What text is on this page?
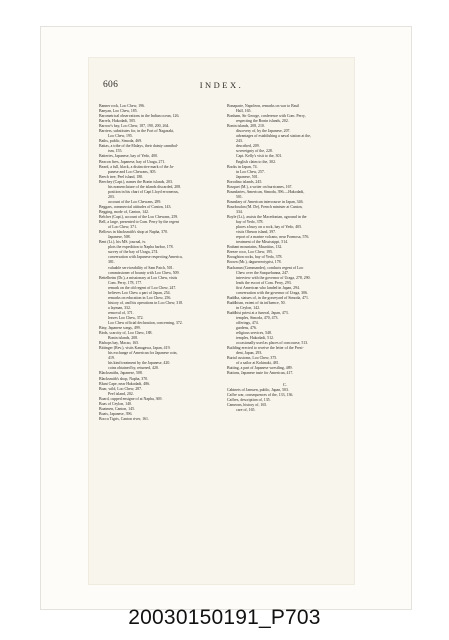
606	INDEX.
Banner rock, Loo Chew, 196.
Banyan, Loo Chew, 185.
Barometrical observations in the Indian ocean, 126.
Barrels, Hakodadi, 505.
Barrow's bay, Loo Chew, 187, 190, 200, 264.
Barriers, substitutes for, in the Fort of Nagasaki,
Loo Chew, 195.
Baths, public, Simoda, 469.
Battas, a tribe of the Malays, their dainty cannibal-
ism, 155.
Batteries, Japanese, bay of Yedo, 400.
Beacon fires, Japanese, bay of Uraga, 271.
Beard, a full, black, a distinctive mark of the Ja-
panese and Loo Chewans, 305.
Beech tree, Peel island, 180.
Beechey (Capt.), names the Bonin islands, 203.
his nomenclature of the islands discarded, 208.
position in his chart of Capt Lloyd erroneous,
203.
account of the Loo Chewans, 289.
Beggars, commercial attitudes of Canton, 143.
Begging, mode of, Canton, 142.
Belcher (Capt.), account of the Loo Chewans, 259.
Bell, a large, presented to Com. Perry by the regent
of Loo Chew, 371.
Bellows in blacksmith's shop at Napha, 370.
Japanese, 508.
Bent (Lt.), his MS. journal, iv.
plots the expedition to Napha harbor, 178.
survey of the bay of Uraga, 274.
conversation with Japanese respecting America,
381.
valuable serviceability of Sam Patch, 501.
commissioner of bounty with Loo Chew, 509.
Bettelheim (Dr.), a missionary at Loo Chew, visits
Com. Perry, 178, 177.
remark on the old regent of Loo Chew, 247.
believes Loo Chew a part of Japan, 254.
remarks on education in Loo Chew, 256.
history of, and his operations in Loo Chew, 318.
a layman, 332.
removal of, 371.
leaves Loo Chew, 372.
Loo Chew official declaration, concerning, 372.
Biny, Japanese songs, 499.
Birds, scarcity of, Loo Chew, 188.
Bonin islands, 208.
Bishops bay, Macao, 165.
Bittinger (Rev.), visits Kanagawa, Japan, 419.
his exchange of American for Japanese coin,
419.
his kind treatment by the Japanese, 420.
coins obtained by, returned, 420.
Blacksmiths, Japanese, 508.
Blacksmith's shop, Napha, 370.
Blunt Cape, near Hakodadi, 486.
Boar, wild, Loo Chew, 287.
Peel island, 202.
Board, cupped ensigne of at Napha, 369.
Boas of Ceylon, 140.
Boatmen, Canton, 145.
Boats, Japanese, 396.
Bocca Tigris, Canton river, 161.
Bonaparte, Napoleon, remarks on war to Basil
Hall, 165.
Bonham, Sir George, conference with Com. Perry,
respecting the Bonin islands, 202.
Bonin islands, 208, 210.
discovery of, by the Japanese, 207.
advantages of establishing a naval station at the,
243.
described, 209.
sovereignty of the, 228.
Capt. Kelly's visit to the, 301.
English claim to the, 302.
Books in Japan, 74.
in Loo Chew, 257.
Japanese, 501.
Borodino islands, 245.
Bosquet (M.), a writer on hurricanes, 167.
Boundaries, American, Simoda, 396.—Hakodadi,
501.
Boundary of American intercourse in Japan, 346.
Bourboulon (M. De), French minister at Canton,
334.
Boyle (Lt.), assists the Macedonian, aground in the
bay of Yedo, 378.
places a buoy on a rock, bay of Yedo, 405.
visits Oheson island, 397.
report of a marine volcano, near Formosa, 576.
treatment of the Mississippi, 514.
Brabant mountains, Mauritius, 132.
Breeze coco, Loo Chew, 195.
Broughton rocks, bay of Yedo, 378.
Brown (Mr.), daguerreotypist, 178.
Buchanan (Commander), conducts regent of Loo
Chew over the Susquehanna, 247.
interview with the governor of Uraga, 278, 290.
leads the escort of Com. Perry, 293.
first American who landed in Japan, 294.
conversation with the governor of Uraga, 306.
Buddha, statues of, in the graveyard of Simoda, 471.
Buddhism, extent of its influence, 50.
in Ceylon, 142.
Buddhist priest at a funeral, Japan, 473.
temples, Simoda, 470, 473.
offerings, 474.
gardens, 476.
religious services, 548.
temples, Hakodadi, 512.
occasionally used as places of concourse, 513.
Building erected to receive the letter of the Presi-
dent, Japan, 293.
Burial customs, Loo Chew, 375.
of a sailor at Kokinaki, 481.
Butting, a part of Japanese wrestling, 489.
Buttons, Japanese taste for American, 417.
C.
Cabinets of Janssen, public, Japan, 503.
Caffre war, consequences of the, 133, 136.
Caffres, description of, 135.
Cameons, history of, 165.
care of, 165.
20030150191_P703
